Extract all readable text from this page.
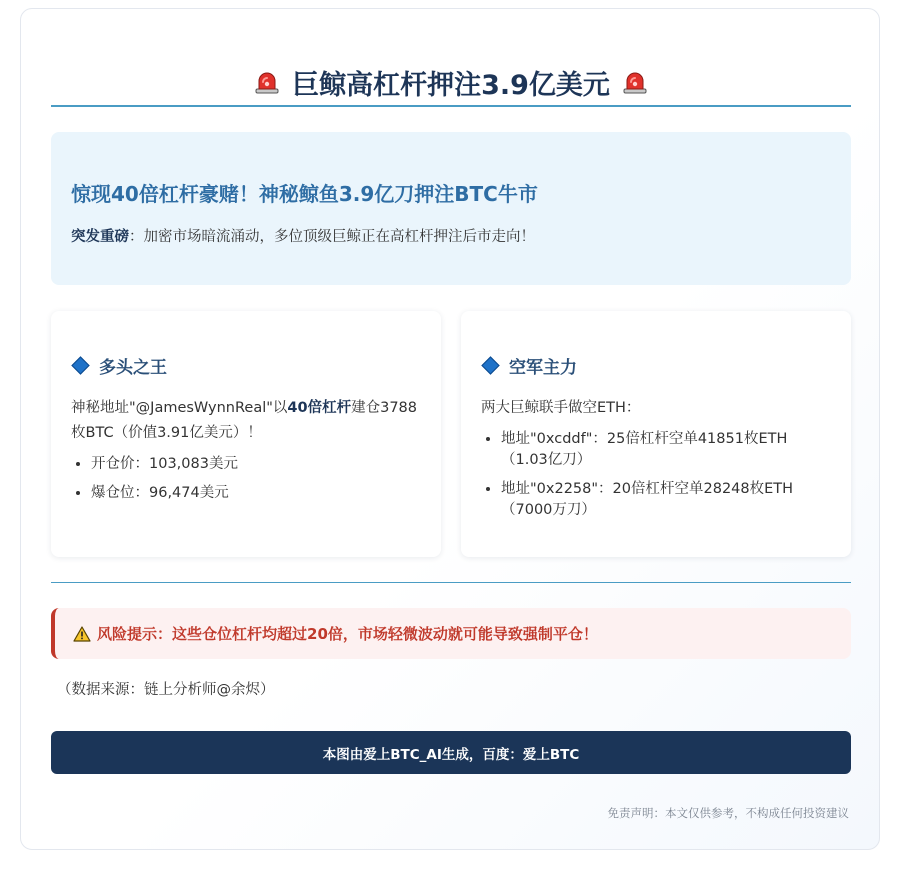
巨鲸高杠杆押注3.9亿美元
惊现40倍杠杆豪赌！神秘鲸鱼3.9亿刀押注BTC牛市
突发重磅：加密市场暗流涌动，多位顶级巨鲸正在高杠杆押注后市走向！
多头之王
神秘地址"@JamesWynnReal"以40倍杠杆建仓3788枚BTC（价值3.91亿美元）！
• 开仓价：103,083美元
• 爆仓位：96,474美元
空军主力
两大巨鲸联手做空ETH：
• 地址"0xcddf"：25倍杠杆空单41851枚ETH（1.03亿刀）
• 地址"0x2258"：20倍杠杆空单28248枚ETH（7000万刀）
风险提示：这些仓位杠杆均超过20倍，市场轻微波动就可能导致强制平仓！
（数据来源：链上分析师@余烬）
本图由爱上BTC_AI生成，百度：爱上BTC
免责声明：本文仅供参考，不构成任何投资建议
